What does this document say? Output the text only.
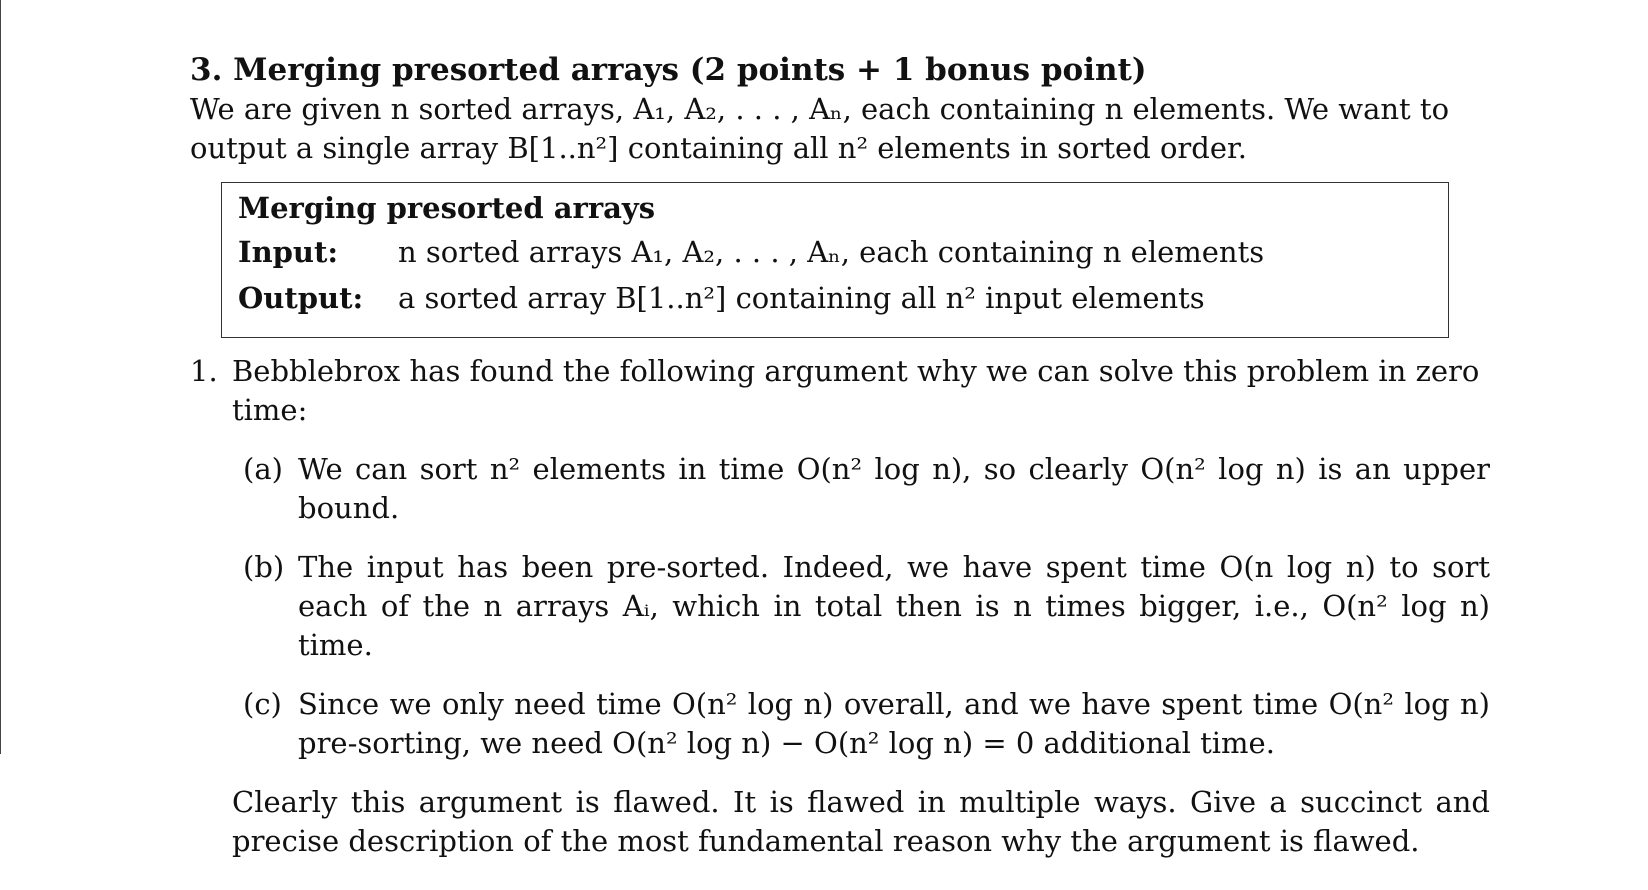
3. Merging presorted arrays (2 points + 1 bonus point)

We are given n sorted arrays, A₁, A₂, . . . , Aₙ, each containing n elements. We want to output a single array B[1..n²] containing all n² elements in sorted order.

Merging presorted arrays
Input:	n sorted arrays A₁, A₂, . . . , Aₙ, each containing n elements
Output:	a sorted array B[1..n²] containing all n² input elements
1. Bebblebrox has found the following argument why we can solve this problem in zero time:
(a) We can sort n² elements in time O(n² log n), so clearly O(n² log n) is an upper bound.
(b) The input has been pre-sorted. Indeed, we have spent time O(n log n) to sort each of the n arrays Aᵢ, which in total then is n times bigger, i.e., O(n² log n) time.
(c) Since we only need time O(n² log n) overall, and we have spent time O(n² log n) pre-sorting, we need O(n² log n) − O(n² log n) = 0 additional time.

Clearly this argument is flawed. It is flawed in multiple ways. Give a succinct and precise description of the most fundamental reason why the argument is flawed.
